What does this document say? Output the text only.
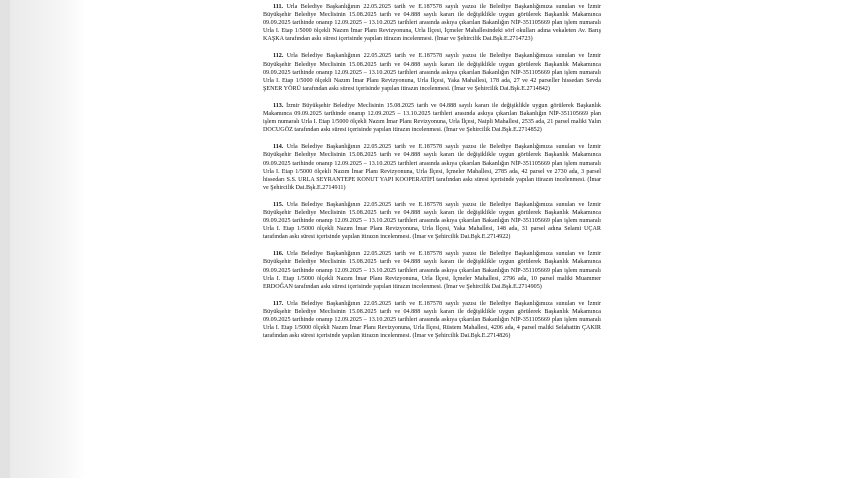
111. Urla Belediye Başkanlığının 22.05.2025 tarih ve E.187578 sayılı yazısı ile Belediye Başkanlığımıza sunulan ve İzmir Büyükşehir Belediye Meclisinin 15.08.2025 tarih ve 04.888 sayılı kararı ile değişiklikle uygun görülerek Başkanlık Makamınca 09.09.2025 tarihinde onanıp 12.09.2025 – 13.10.2025 tarihleri arasında askıya çıkarılan Bakanlığın NİP-351105669 plan işlem numaralı Urla I. Etap 1/5000 ölçekli Nazım İmar Planı Revizyonuna, Urla İlçesi, İçmeler Mahallesindeki sörf okulları adına vekaleten Av. Barış KAŞKA tarafından askı süresi içerisinde yapılan itirazın incelenmesi. (İmar ve Şehircilik Dai.Bşk.E.2714723)

112. Urla Belediye Başkanlığının 22.05.2025 tarih ve E.187578 sayılı yazısı ile Belediye Başkanlığımıza sunulan ve İzmir Büyükşehir Belediye Meclisinin 15.08.2025 tarih ve 04.888 sayılı kararı ile değişiklikle uygun görülerek Başkanlık Makamınca 09.09.2025 tarihinde onanıp 12.09.2025 – 13.10.2025 tarihleri arasında askıya çıkarılan Bakanlığın NİP-351105669 plan işlem numaralı Urla I. Etap 1/5000 ölçekli Nazım İmar Planı Revizyonuna, Urla İlçesi, Yaka Mahallesi, 178 ada, 27 ve 42 parseller hissedarı Sevda ŞENER YÖRÜ tarafından askı süresi içerisinde yapılan itirazın incelenmesi. (İmar ve Şehircilik Dai.Bşk.E.2714842)

113. İzmir Büyükşehir Belediye Meclisinin 15.08.2025 tarih ve 04.888 sayılı kararı ile değişiklikle uygun görülerek Başkanlık Makamınca 09.09.2025 tarihinde onanıp 12.09.2025 – 13.10.2025 tarihleri arasında askıya çıkarılan Bakanlığın NİP-351105669 plan işlem numaralı Urla I. Etap 1/5000 ölçekli Nazım İmar Planı Revizyonuna, Urla İlçesi, Naipli Mahallesi, 2535 ada, 21 parsel maliki Yalın DOCUGÖZ tarafından askı süresi içerisinde yapılan itirazın incelenmesi. (İmar ve Şehircilik Dai.Bşk.E.2714852)

114. Urla Belediye Başkanlığının 22.05.2025 tarih ve E.187578 sayılı yazısı ile Belediye Başkanlığımıza sunulan ve İzmir Büyükşehir Belediye Meclisinin 15.08.2025 tarih ve 04.888 sayılı kararı ile değişiklikle uygun görülerek Başkanlık Makamınca 09.09.2025 tarihinde onanıp 12.09.2025 – 13.10.2025 tarihleri arasında askıya çıkarılan Bakanlığın NİP-351105669 plan işlem numaralı Urla I. Etap 1/5000 ölçekli Nazım İmar Planı Revizyonuna, Urla İlçesi, İçmeler Mahallesi, 2785 ada, 42 parsel ve 2730 ada, 3 parsel hissedarı S.S. URLA SEYRANTEPE KONUT YAPI KOOPERATİFİ tarafından askı süresi içerisinde yapılan itirazın incelenmesi. (İmar ve Şehircilik Dai.Bşk.E.2714911)

115. Urla Belediye Başkanlığının 22.05.2025 tarih ve E.187578 sayılı yazısı ile Belediye Başkanlığımıza sunulan ve İzmir Büyükşehir Belediye Meclisinin 15.08.2025 tarih ve 04.888 sayılı kararı ile değişiklikle uygun görülerek Başkanlık Makamınca 09.09.2025 tarihinde onanıp 12.09.2025 – 13.10.2025 tarihleri arasında askıya çıkarılan Bakanlığın NİP-351105669 plan işlem numaralı Urla I. Etap 1/5000 ölçekli Nazım İmar Planı Revizyonuna, Urla İlçesi, Yaka Mahallesi, 148 ada, 31 parsel adına Selami UÇAR tarafından askı süresi içerisinde yapılan itirazın incelenmesi. (İmar ve Şehircilik Dai.Bşk.E.2714922)

116. Urla Belediye Başkanlığının 22.05.2025 tarih ve E.187578 sayılı yazısı ile Belediye Başkanlığımıza sunulan ve İzmir Büyükşehir Belediye Meclisinin 15.08.2025 tarih ve 04.888 sayılı kararı ile değişiklikle uygun görülerek Başkanlık Makamınca 09.09.2025 tarihinde onanıp 12.09.2025 – 13.10.2025 tarihleri arasında askıya çıkarılan Bakanlığın NİP-351105669 plan işlem numaralı Urla I. Etap 1/5000 ölçekli Nazım İmar Planı Revizyonuna, Urla İlçesi, İçmeler Mahallesi, 2796 ada, 10 parsel maliki Muammer ERDOĞAN tarafından askı süresi içerisinde yapılan itirazın incelenmesi. (İmar ve Şehircilik Dai.Bşk.E.2714905)

117. Urla Belediye Başkanlığının 22.05.2025 tarih ve E.187578 sayılı yazısı ile Belediye Başkanlığımıza sunulan ve İzmir Büyükşehir Belediye Meclisinin 15.08.2025 tarih ve 04.888 sayılı kararı ile değişiklikle uygun görülerek Başkanlık Makamınca 09.09.2025 tarihinde onanıp 12.09.2025 – 13.10.2025 tarihleri arasında askıya çıkarılan Bakanlığın NİP-351105669 plan işlem numaralı Urla I. Etap 1/5000 ölçekli Nazım İmar Planı Revizyonuna, Urla İlçesi, Rüstem Mahallesi, 4206 ada, 4 parsel maliki Selahattin ÇAKIR tarafından askı süresi içerisinde yapılan itirazın incelenmesi. (İmar ve Şehircilik Dai.Bşk.E.2714826)
